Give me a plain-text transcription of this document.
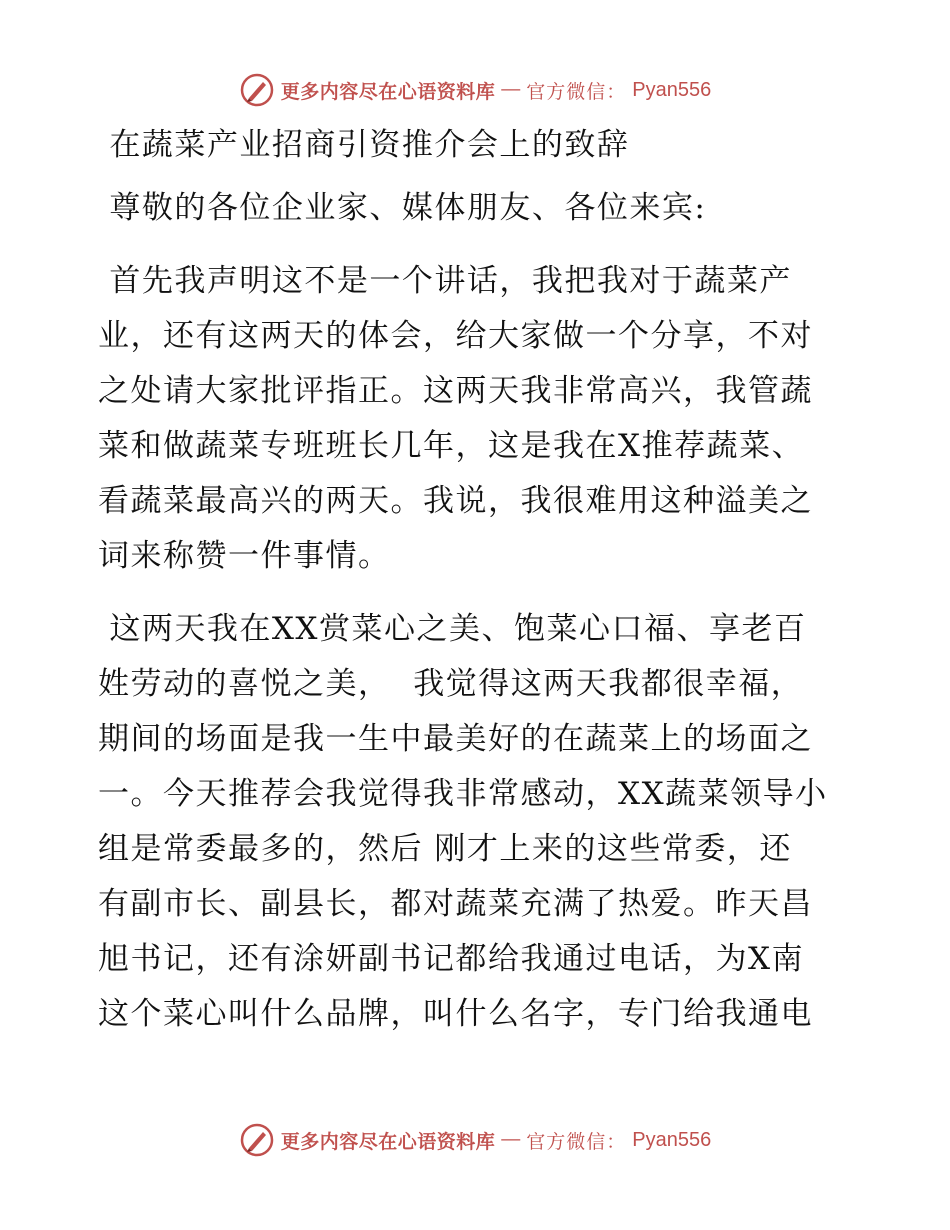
更多内容尽在心语资料库 — 官方微信： Pyan556
在蔬菜产业招商引资推介会上的致辞
尊敬的各位企业家、媒体朋友、各位来宾:
首先我声明这不是一个讲话，我把我对于蔬菜产
业，还有这两天的体会，给大家做一个分享，不对
之处请大家批评指正。这两天我非常高兴，我管蔬
菜和做蔬菜专班班长几年，这是我在X推荐蔬菜、
看蔬菜最高兴的两天。我说，我很难用这种溢美之
词来称赞一件事情。
这两天我在XX赏菜心之美、饱菜心口福、享老百
姓劳动的喜悦之美，  我觉得这两天我都很幸福，
期间的场面是我一生中最美好的在蔬菜上的场面之
一。今天推荐会我觉得我非常感动，XX蔬菜领导小
组是常委最多的，然后 刚才上来的这些常委，还
有副市长、副县长，都对蔬菜充满了热爱。昨天昌
旭书记，还有涂妍副书记都给我通过电话，为X南
这个菜心叫什么品牌，叫什么名字，专门给我通电
更多内容尽在心语资料库 — 官方微信： Pyan556
